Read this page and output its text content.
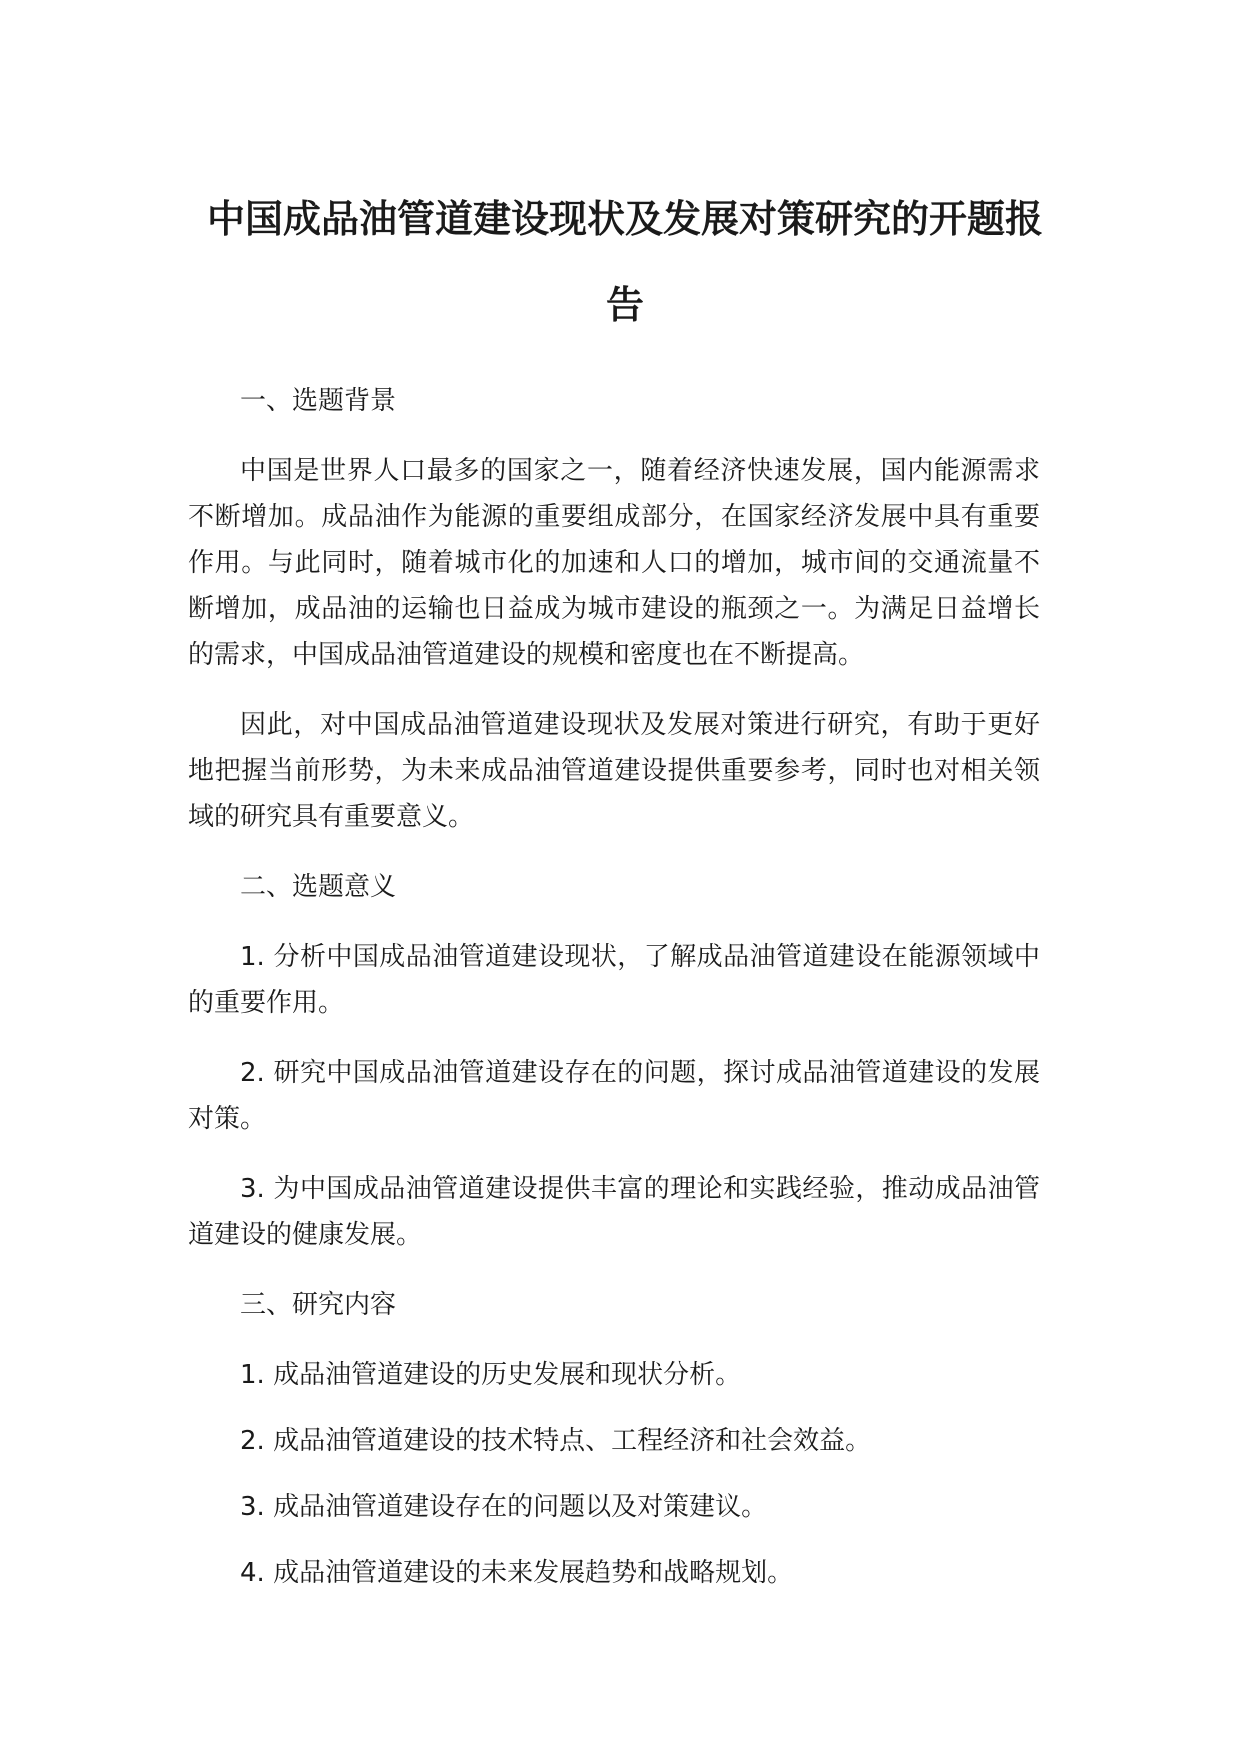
中国成品油管道建设现状及发展对策研究的开题报告

一、选题背景

中国是世界人口最多的国家之一，随着经济快速发展，国内能源需求不断增加。成品油作为能源的重要组成部分，在国家经济发展中具有重要作用。与此同时，随着城市化的加速和人口的增加，城市间的交通流量不断增加，成品油的运输也日益成为城市建设的瓶颈之一。为满足日益增长的需求，中国成品油管道建设的规模和密度也在不断提高。

因此，对中国成品油管道建设现状及发展对策进行研究，有助于更好地把握当前形势，为未来成品油管道建设提供重要参考，同时也对相关领域的研究具有重要意义。

二、选题意义

1. 分析中国成品油管道建设现状，了解成品油管道建设在能源领域中的重要作用。

2. 研究中国成品油管道建设存在的问题，探讨成品油管道建设的发展对策。

3. 为中国成品油管道建设提供丰富的理论和实践经验，推动成品油管道建设的健康发展。

三、研究内容

1. 成品油管道建设的历史发展和现状分析。

2. 成品油管道建设的技术特点、工程经济和社会效益。

3. 成品油管道建设存在的问题以及对策建议。

4. 成品油管道建设的未来发展趋势和战略规划。
